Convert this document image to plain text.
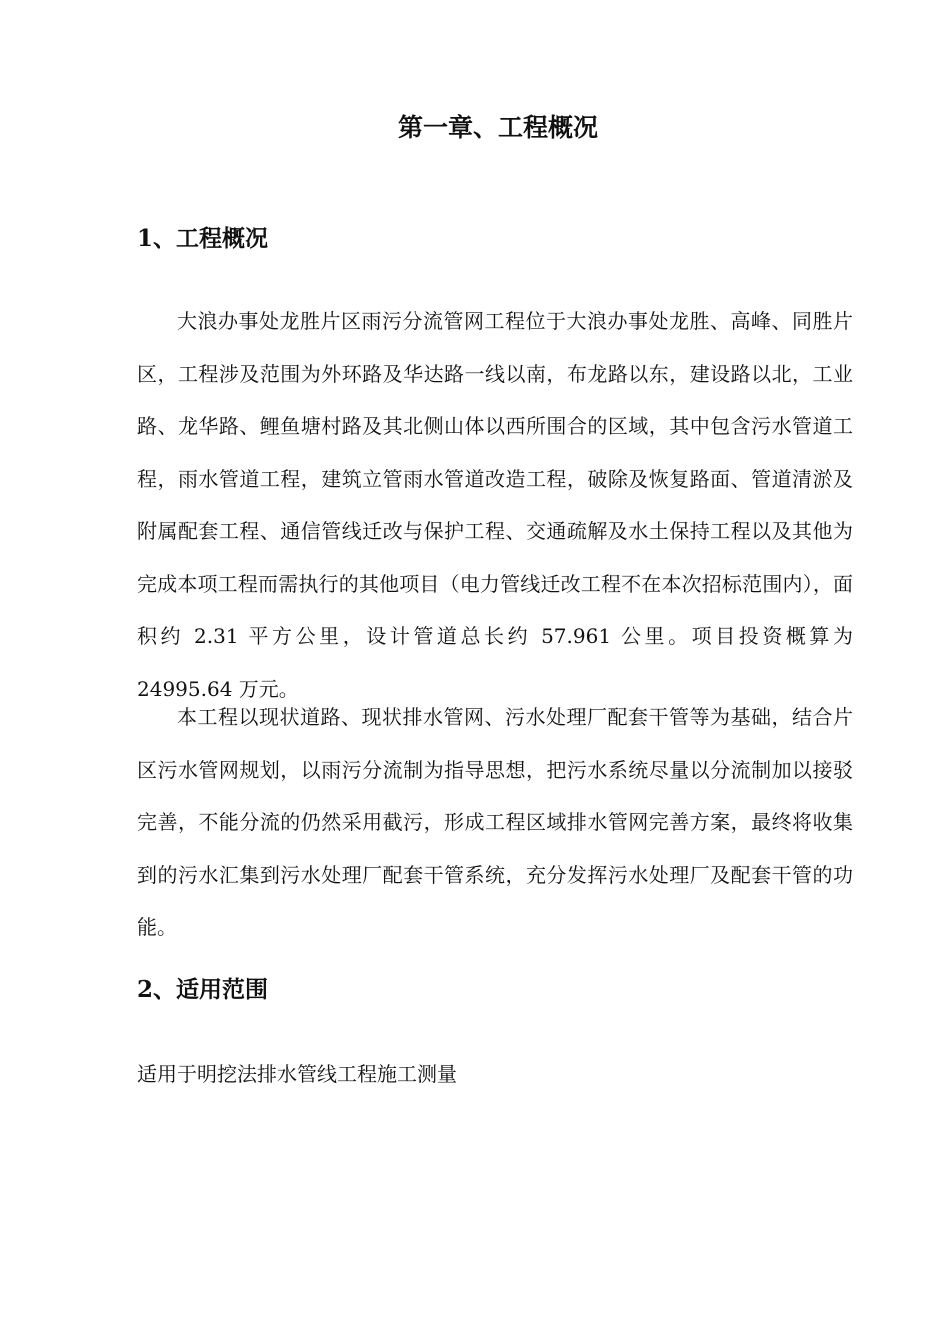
第一章、工程概况
1、工程概况

大浪办事处龙胜片区雨污分流管网工程位于大浪办事处龙胜、高峰、同胜片区，工程涉及范围为外环路及华达路一线以南，布龙路以东，建设路以北，工业路、龙华路、鲤鱼塘村路及其北侧山体以西所围合的区域，其中包含污水管道工程，雨水管道工程，建筑立管雨水管道改造工程，破除及恢复路面、管道清淤及附属配套工程、通信管线迁改与保护工程、交通疏解及水土保持工程以及其他为完成本项工程而需执行的其他项目（电力管线迁改工程不在本次招标范围内），面积约 2.31 平方公里，设计管道总长约 57.961 公里。项目投资概算为 24995.64 万元。

本工程以现状道路、现状排水管网、污水处理厂配套干管等为基础，结合片区污水管网规划，以雨污分流制为指导思想，把污水系统尽量以分流制加以接驳完善，不能分流的仍然采用截污，形成工程区域排水管网完善方案，最终将收集到的污水汇集到污水处理厂配套干管系统，充分发挥污水处理厂及配套干管的功能。

2、适用范围

适用于明挖法排水管线工程施工测量
